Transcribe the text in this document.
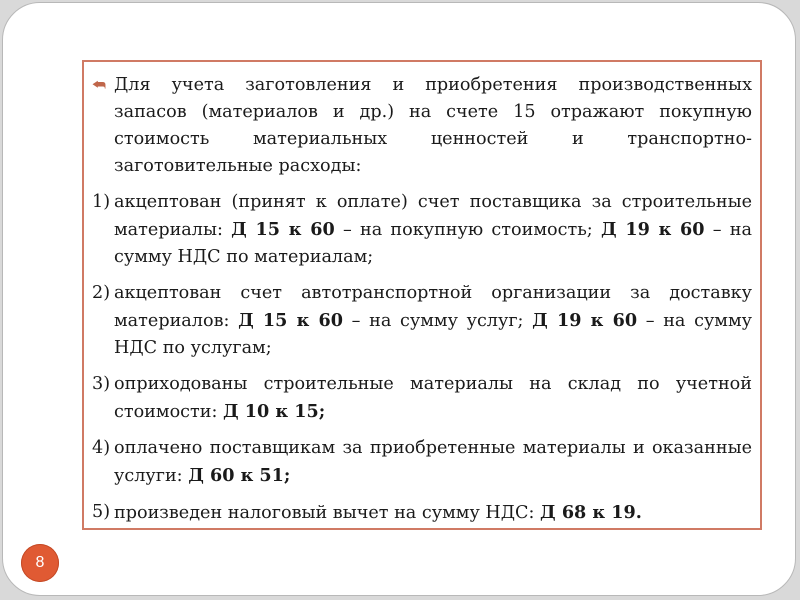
⮪ Для учета заготовления и приобретения производственных запасов (материалов и др.) на счете 15 отражают покупную стоимость материальных ценностей и транспортно-заготовительные расходы:

1) акцептован (принят к оплате) счет поставщика за строительные материалы: Д 15 к 60 – на покупную стоимость; Д 19 к 60 – на сумму НДС по материалам;

2) акцептован счет автотранспортной организации за доставку материалов: Д 15 к 60 – на сумму услуг; Д 19 к 60 – на сумму НДС по услугам;

3) оприходованы строительные материалы на склад по учетной стоимости: Д 10 к 15;

4) оплачено поставщикам за приобретенные материалы и оказанные услуги: Д 60 к 51;

5) произведен налоговый вычет на сумму НДС: Д 68 к 19.

8
